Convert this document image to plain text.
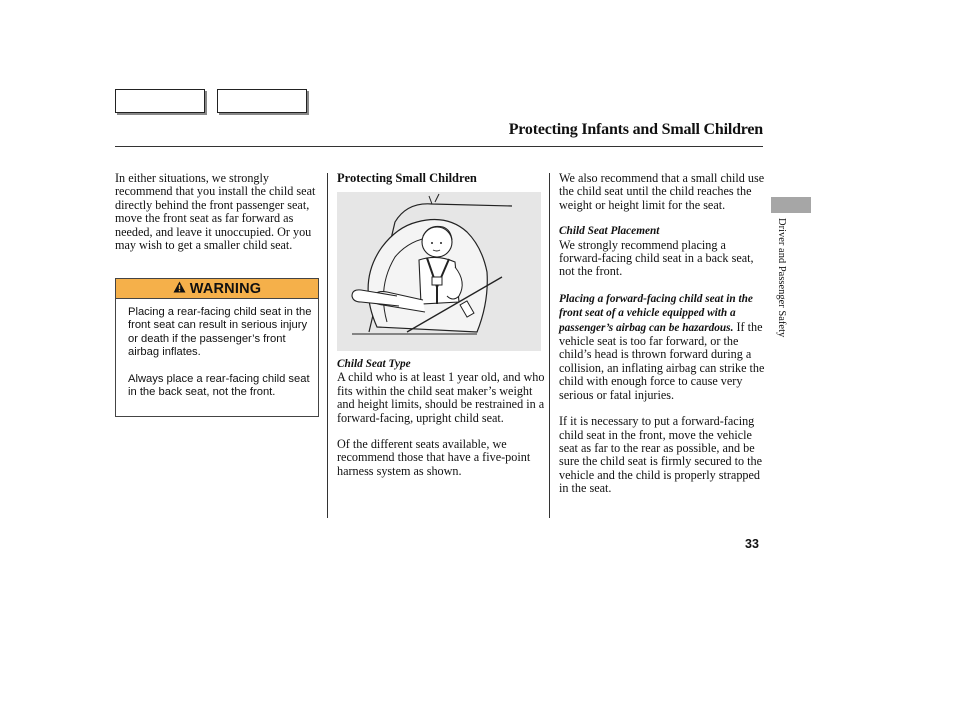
Protecting Infants and Small Children

In either situations, we strongly recommend that you install the child seat directly behind the front passenger seat, move the front seat as far forward as needed, and leave it unoccupied. Or you may wish to get a smaller child seat.

WARNING

Placing a rear-facing child seat in the front seat can result in serious injury or death if the passenger’s front airbag inflates.

Always place a rear-facing child seat in the back seat, not the front.

Protecting Small Children

Child Seat Type

A child who is at least 1 year old, and who fits within the child seat maker’s weight and height limits, should be restrained in a forward-facing, upright child seat.

Of the different seats available, we recommend those that have a five-point harness system as shown.

We also recommend that a small child use the child seat until the child reaches the weight or height limit for the seat.

Child Seat Placement

We strongly recommend placing a forward-facing child seat in a back seat, not the front.

Placing a forward-facing child seat in the front seat of a vehicle equipped with a passenger’s airbag can be hazardous. If the vehicle seat is too far forward, or the child’s head is thrown forward during a collision, an inflating airbag can strike the child with enough force to cause very serious or fatal injuries.

If it is necessary to put a forward-facing child seat in the front, move the vehicle seat as far to the rear as possible, and be sure the child seat is firmly secured to the vehicle and the child is properly strapped in the seat.

Driver and Passenger Safety
33
